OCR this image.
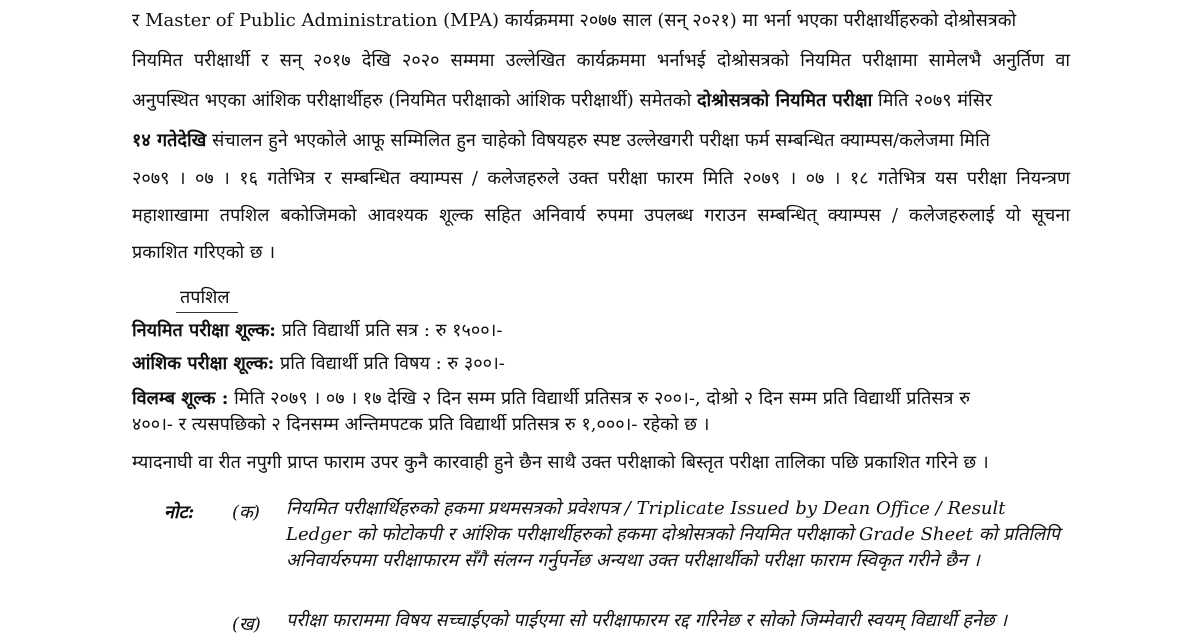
र Master of Public Administration (MPA) कार्यक्रममा २०७७ साल (सन् २०२१) मा भर्ना भएका परीक्षार्थीहरुको दोश्रोसत्रको
नियमित परीक्षार्थी र सन् २०१७ देखि २०२० सम्ममा उल्लेखित कार्यक्रममा भर्नाभई दोश्रोसत्रको नियमित परीक्षामा सामेलभै अनुर्तिण वा
अनुपस्थित भएका आंशिक परीक्षार्थीहरु (नियमित परीक्षाको आंशिक परीक्षार्थी) समेतको दोश्रोसत्रको नियमित परीक्षा मिति २०७९ मंसिर
१४ गतेदेखि संचालन हुने भएकोले आफू सम्मिलित हुन चाहेको विषयहरु स्पष्ट उल्लेखगरी परीक्षा फर्म सम्बन्धित क्याम्पस/कलेजमा मिति
२०७९ । ०७ । १६ गतेभित्र र सम्बन्धित क्याम्पस / कलेजहरुले उक्त परीक्षा फारम मिति २०७९ । ०७ । १८ गतेभित्र यस परीक्षा नियन्त्रण
महाशाखामा तपशिल बकोजिमको आवश्यक शूल्क सहित अनिवार्य रुपमा उपलब्ध गराउन सम्बन्धित् क्याम्पस / कलेजहरुलाई यो सूचना
प्रकाशित गरिएको छ ।
तपशिल
नियमित परीक्षा शूल्क: प्रति विद्यार्थी प्रति सत्र : रु १५००।-
आंशिक परीक्षा शूल्क: प्रति विद्यार्थी प्रति विषय : रु ३००।-
विलम्ब शूल्क : मिति २०७९ । ०७ । १७ देखि २ दिन सम्म प्रति विद्यार्थी प्रतिसत्र रु २००।-, दोश्रो २ दिन सम्म प्रति विद्यार्थी प्रतिसत्र रु
४००।- र त्यसपछिको २ दिनसम्म अन्तिमपटक प्रति विद्यार्थी प्रतिसत्र रु १,०००।- रहेको छ ।
म्यादनाघी वा रीत नपुगी प्राप्त फाराम उपर कुनै कारवाही हुने छैन साथै उक्त परीक्षाको बिस्तृत परीक्षा तालिका पछि प्रकाशित गरिने छ ।
नोट: (क) नियमित परीक्षार्थिहरुको हकमा प्रथमसत्रको प्रवेशपत्र / Triplicate Issued by Dean Office / Result Ledger को फोटोकपी र आंशिक परीक्षार्थीहरुको हकमा दोश्रोसत्रको नियमित परीक्षाको Grade Sheet को प्रतिलिपि अनिवार्यरुपमा परीक्षाफारम सँगै संलग्न गर्नुपर्नेछ अन्यथा उक्त परीक्षार्थीको परीक्षा फाराम स्विकृत गरीने छैन ।
(ख) परीक्षा फाराममा विषय सच्चाईएको पाईएमा सो परीक्षाफारम रद्द गरिनेछ र सोको जिम्मेवारी स्वयम् विद्यार्थी हनेछ ।
